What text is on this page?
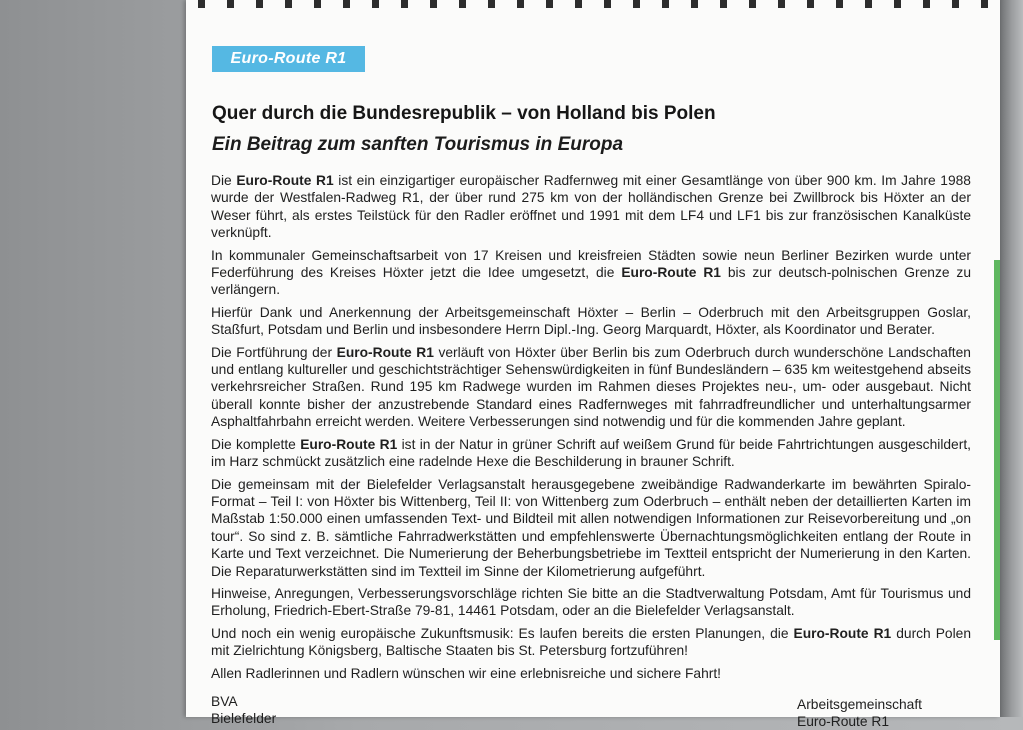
Euro-Route R1
Quer durch die Bundesrepublik – von Holland bis Polen
Ein Beitrag zum sanften Tourismus in Europa

Die Euro-Route R1 ist ein einzigartiger europäischer Radfernweg mit einer Gesamtlänge von über 900 km. Im Jahre 1988 wurde der Westfalen-Radweg R1, der über rund 275 km von der holländischen Grenze bei Zwillbrock bis Höxter an der Weser führt, als erstes Teilstück für den Radler eröffnet und 1991 mit dem LF4 und LF1 bis zur französischen Kanalküste verknüpft.

In kommunaler Gemeinschaftsarbeit von 17 Kreisen und kreisfreien Städten sowie neun Berliner Bezirken wurde unter Federführung des Kreises Höxter jetzt die Idee umgesetzt, die Euro-Route R1 bis zur deutsch-polnischen Grenze zu verlängern.

Hierfür Dank und Anerkennung der Arbeitsgemeinschaft Höxter – Berlin – Oderbruch mit den Arbeitsgruppen Goslar, Staßfurt, Potsdam und Berlin und insbesondere Herrn Dipl.-Ing. Georg Marquardt, Höxter, als Koordinator und Berater.

Die Fortführung der Euro-Route R1 verläuft von Höxter über Berlin bis zum Oderbruch durch wunderschöne Landschaften und entlang kultureller und geschichtsträchtiger Sehenswürdigkeiten in fünf Bundesländern – 635 km weitestgehend abseits verkehrsreicher Straßen. Rund 195 km Radwege wurden im Rahmen dieses Projektes neu-, um- oder ausgebaut. Nicht überall konnte bisher der anzustrebende Standard eines Radfernweges mit fahrradfreundlicher und unterhaltungsarmer Asphaltfahrbahn erreicht werden. Weitere Verbesserungen sind notwendig und für die kommenden Jahre geplant.

Die komplette Euro-Route R1 ist in der Natur in grüner Schrift auf weißem Grund für beide Fahrtrichtungen ausgeschildert, im Harz schmückt zusätzlich eine radelnde Hexe die Beschilderung in brauner Schrift.

Die gemeinsam mit der Bielefelder Verlagsanstalt herausgegebene zweibändige Radwanderkarte im bewährten Spiralo-Format – Teil I: von Höxter bis Wittenberg, Teil II: von Wittenberg zum Oderbruch – enthält neben der detaillierten Karten im Maßstab 1:50.000 einen umfassenden Text- und Bildteil mit allen notwendigen Informationen zur Reisevorbereitung und „on tour“. So sind z. B. sämtliche Fahrradwerkstätten und empfehlenswerte Übernachtungsmöglichkeiten entlang der Route in Karte und Text verzeichnet. Die Numerierung der Beherbungsbetriebe im Textteil entspricht der Numerierung in den Karten. Die Reparaturwerkstätten sind im Textteil im Sinne der Kilometrierung aufgeführt.

Hinweise, Anregungen, Verbesserungsvorschläge richten Sie bitte an die Stadtverwaltung Potsdam, Amt für Tourismus und Erholung, Friedrich-Ebert-Straße 79-81, 14461 Potsdam, oder an die Bielefelder Verlagsanstalt.

Und noch ein wenig europäische Zukunftsmusik: Es laufen bereits die ersten Planungen, die Euro-Route R1 durch Polen mit Zielrichtung Königsberg, Baltische Staaten bis St. Petersburg fortzuführen!

Allen Radlerinnen und Radlern wünschen wir eine erlebnisreiche und sichere Fahrt!

BVA
Bielefelder
Arbeitsgemeinschaft
Euro-Route R1
